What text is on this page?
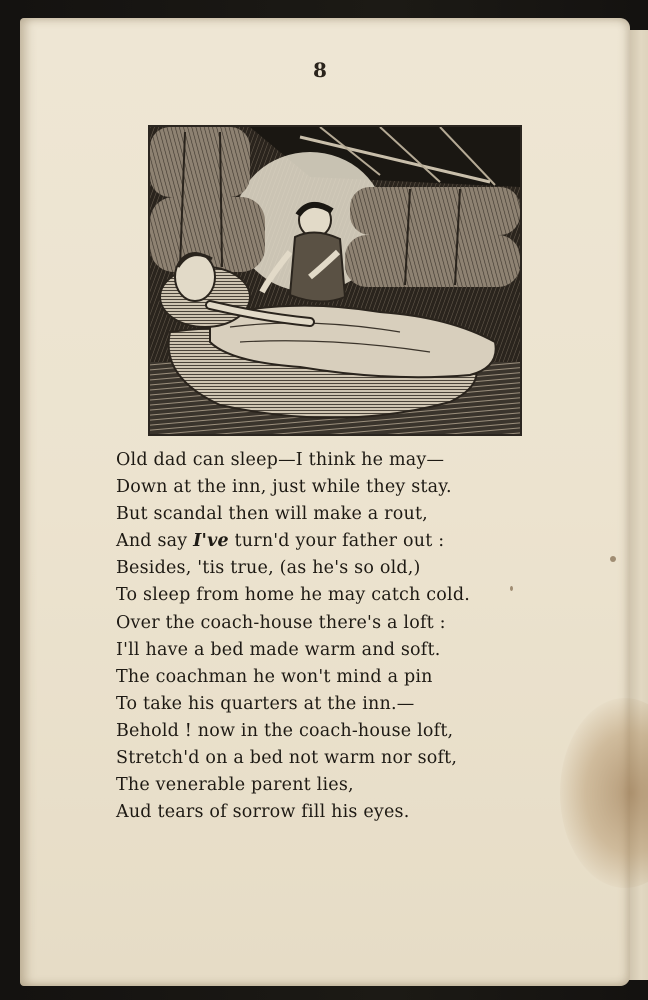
8
Old dad can sleep—I think he may—
Down at the inn, just while they stay.
But scandal then will make a rout,
And say I've turn'd your father out :
Besides, 'tis true, (as he's so old,)
To sleep from home he may catch cold.
Over the coach-house there's a loft :
I'll have a bed made warm and soft.
The coachman he won't mind a pin
To take his quarters at the inn.—
Behold ! now in the coach-house loft,
Stretch'd on a bed not warm nor soft,
The venerable parent lies,
Aud tears of sorrow fill his eyes.
